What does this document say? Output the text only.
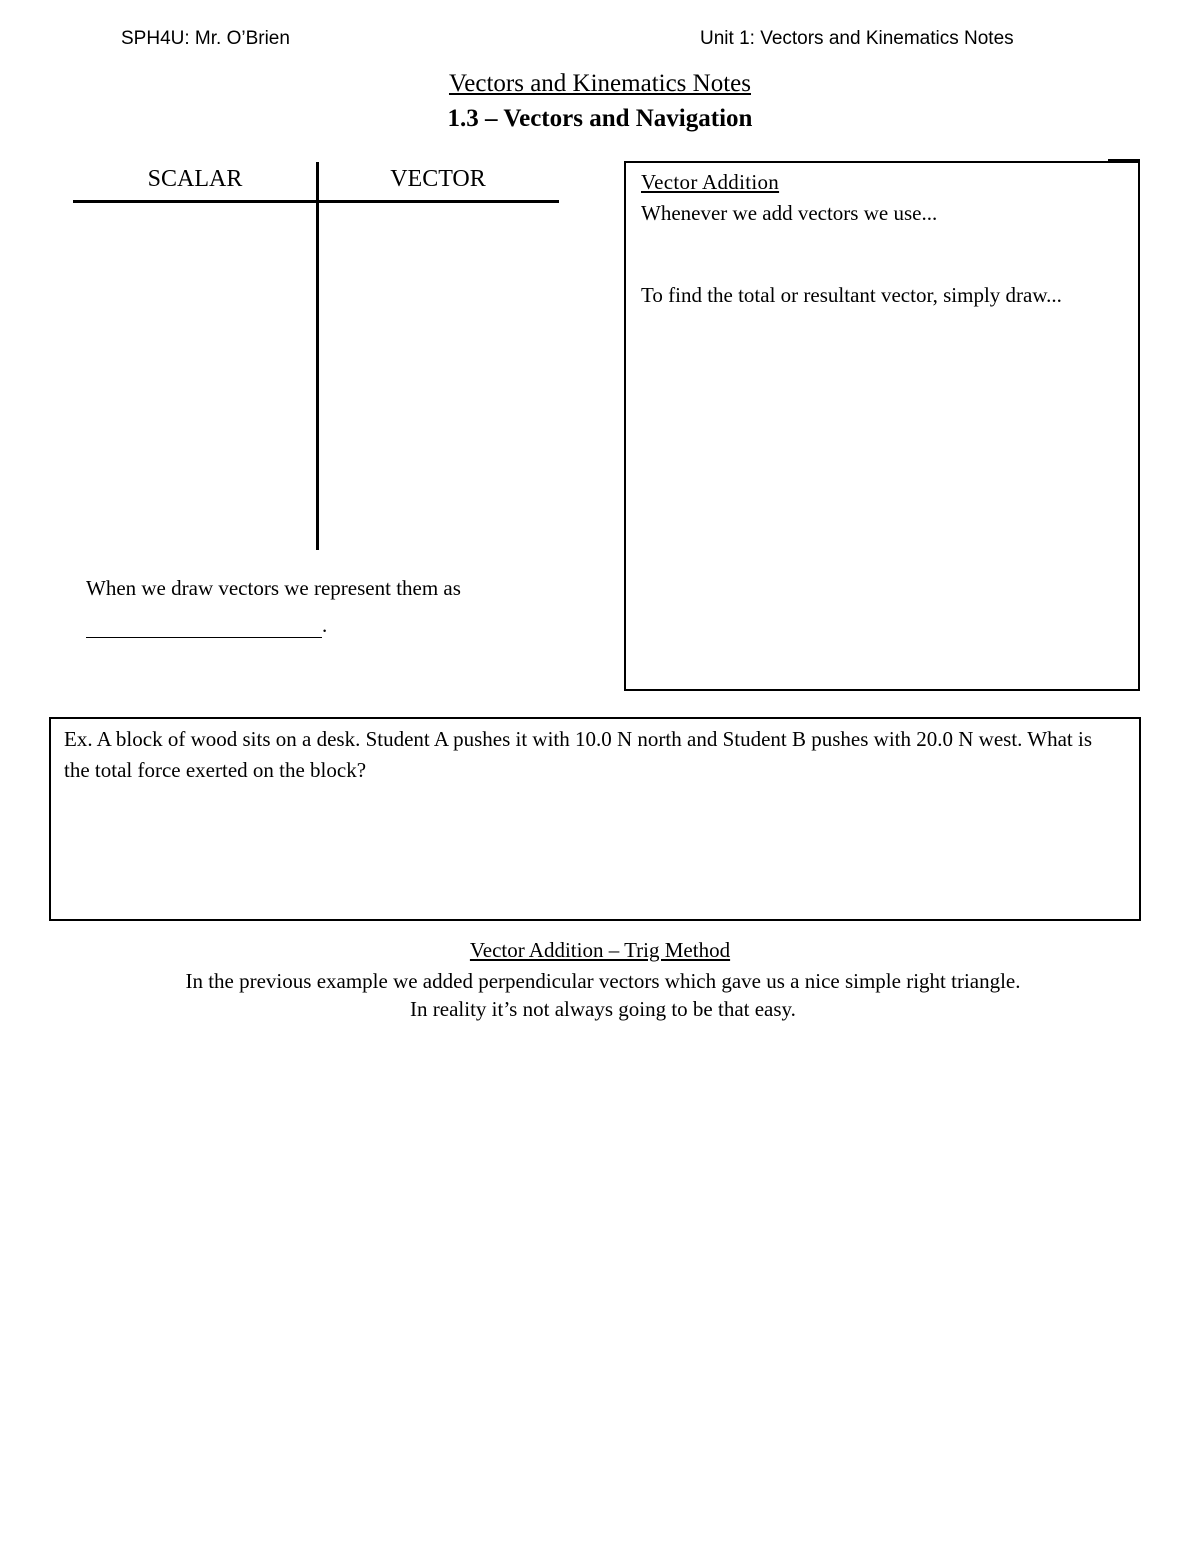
SPH4U: Mr. O’Brien	Unit 1: Vectors and Kinematics Notes
Vectors and Kinematics Notes
1.3 – Vectors and Navigation
SCALAR	VECTOR
When we draw vectors we represent them as
.
Vector Addition
Whenever we add vectors we use...
To find the total or resultant vector, simply draw...
Ex. A block of wood sits on a desk. Student A pushes it with 10.0 N north and Student B pushes with 20.0 N west. What is the total force exerted on the block?
Vector Addition – Trig Method
In the previous example we added perpendicular vectors which gave us a nice simple right triangle.
In reality it’s not always going to be that easy.
